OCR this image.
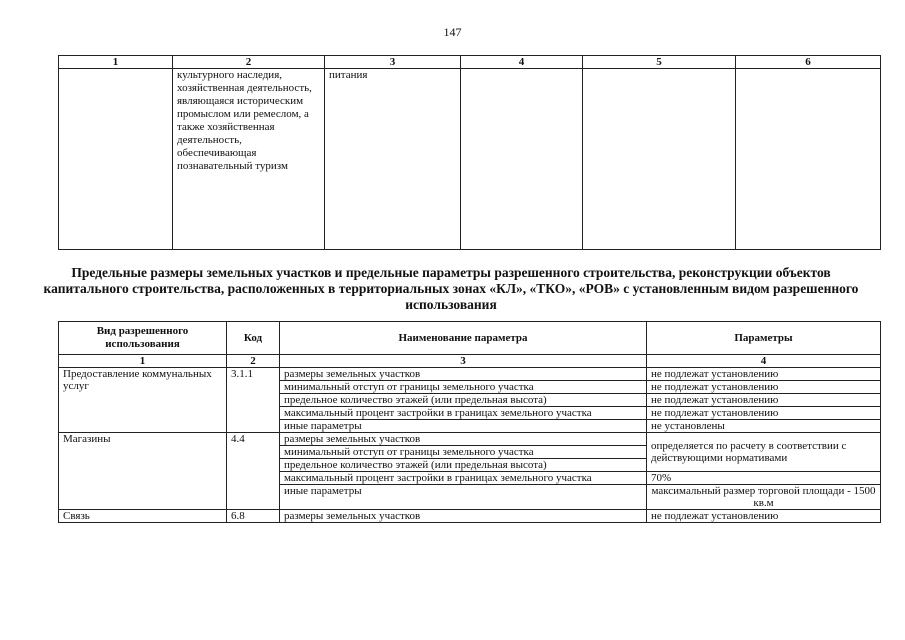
147
1	2	3	4	5	6
	культурного наследия, хозяйственная деятельность, являющаяся историческим промыслом или ремеслом, а также хозяйственная деятельность, обеспечивающая познавательный туризм	питания			
Предельные размеры земельных участков и предельные параметры разрешенного строительства, реконструкции объектов капитального строительства, расположенных в территориальных зонах «КЛ», «ТКО», «РОВ» с установленным видом разрешенного использования
Вид разрешенного использования	Код	Наименование параметра	Параметры
1	2	3	4
Предоставление коммунальных услуг	3.1.1	размеры земельных участков	не подлежат установлению
		минимальный отступ от границы земельного участка	не подлежат установлению
		предельное количество этажей (или предельная высота)	не подлежат установлению
		максимальный процент застройки в границах земельного участка	не подлежат установлению
		иные параметры	не установлены
Магазины	4.4	размеры земельных участков	определяется по расчету в соответствии с действующими нормативами
		минимальный отступ от границы земельного участка	
		предельное количество этажей (или предельная высота)	
		максимальный процент застройки в границах земельного участка	70%
		иные параметры	максимальный размер торговой площади - 1500 кв.м
Связь	6.8	размеры земельных участков	не подлежат установлению
